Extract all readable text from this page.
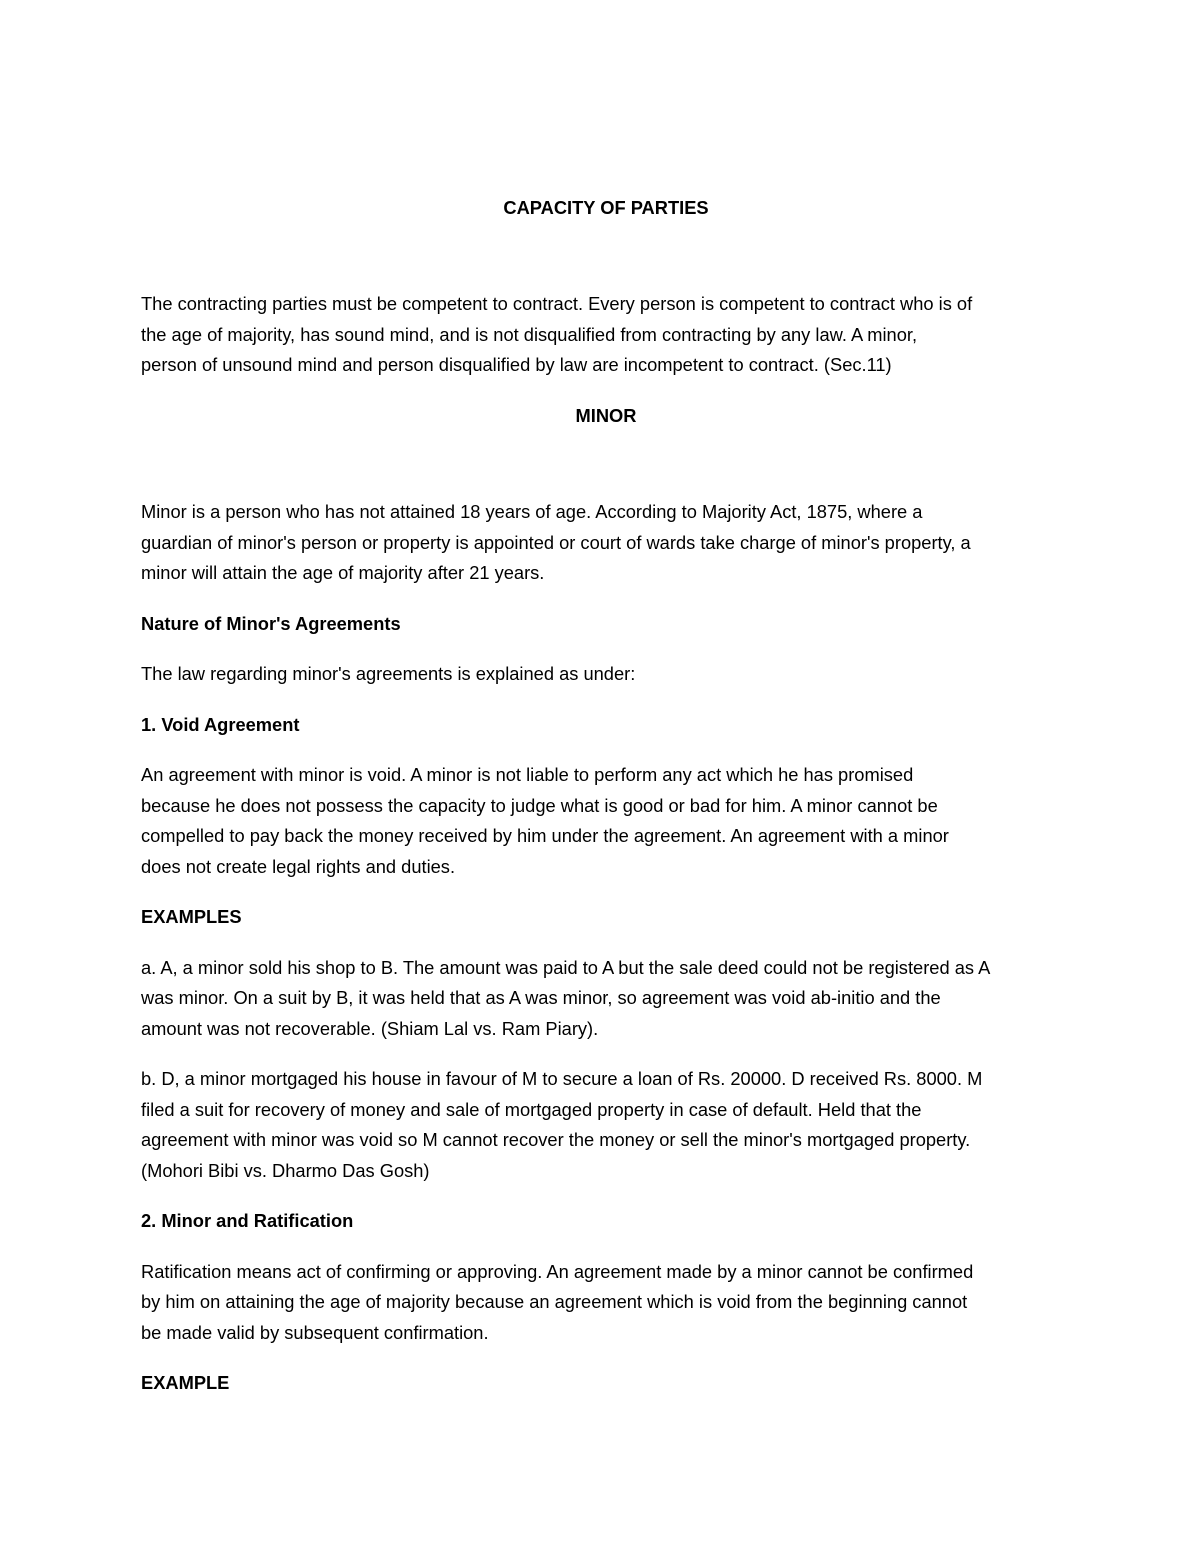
CAPACITY OF PARTIES
The contracting parties must be competent to contract. Every person is competent to contract who is of
the age of majority, has sound mind, and is not disqualified from contracting by any law. A minor,
person of unsound mind and person disqualified by law are incompetent to contract. (Sec.11)
MINOR
Minor is a person who has not attained 18 years of age. According to Majority Act, 1875, where a
guardian of minor's person or property is appointed or court of wards take charge of minor's property, a
minor will attain the age of majority after 21 years.
Nature of Minor's Agreements
The law regarding minor's agreements is explained as under:
1. Void Agreement
An agreement with minor is void. A minor is not liable to perform any act which he has promised
because he does not possess the capacity to judge what is good or bad for him. A minor cannot be
compelled to pay back the money received by him under the agreement. An agreement with a minor
does not create legal rights and duties.
EXAMPLES
a. A, a minor sold his shop to B. The amount was paid to A but the sale deed could not be registered as A
was minor. On a suit by B, it was held that as A was minor, so agreement was void ab-initio and the
amount was not recoverable. (Shiam Lal vs. Ram Piary).
b. D, a minor mortgaged his house in favour of M to secure a loan of Rs. 20000. D received Rs. 8000. M
filed a suit for recovery of money and sale of mortgaged property in case of default. Held that the
agreement with minor was void so M cannot recover the money or sell the minor's mortgaged property.
(Mohori Bibi vs. Dharmo Das Gosh)
2. Minor and Ratification
Ratification means act of confirming or approving. An agreement made by a minor cannot be confirmed
by him on attaining the age of majority because an agreement which is void from the beginning cannot
be made valid by subsequent confirmation.
EXAMPLE
